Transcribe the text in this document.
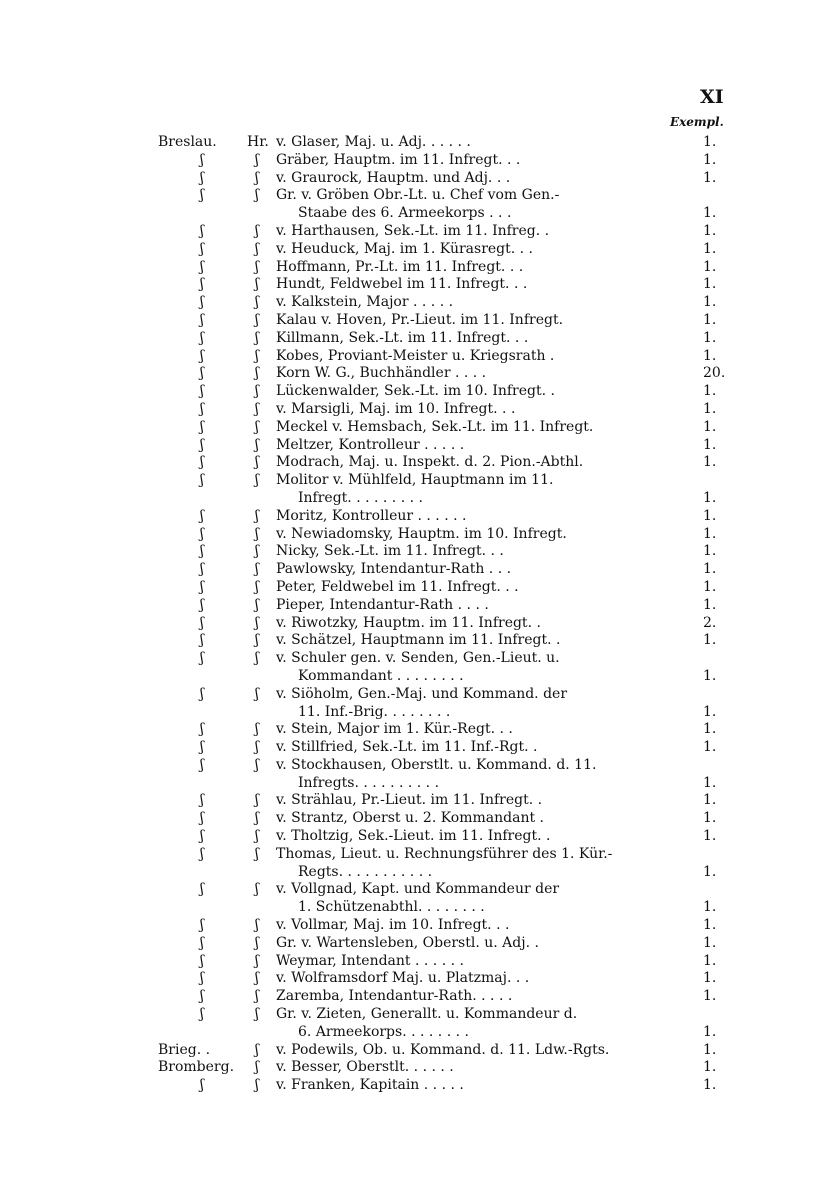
XI
Exempl.
Breslau. Hr. v. Glaser, Maj. u. Adj. . . . . .	1.
ʃ	ʃ Gräber, Hauptm. im 11. Infregt. . .	1.
ʃ	ʃ v. Graurock, Hauptm. und Adj. . .	1.
ʃ	ʃ Gr. v. Gröben Obr.-Lt. u. Chef vom Gen.-
Staabe des 6. Armeekorps . . .	1.
ʃ	ʃ v. Harthausen, Sek.-Lt. im 11. Infreg. .	1.
ʃ	ʃ v. Heuduck, Maj. im 1. Kürasregt. . .	1.
ʃ	ʃ Hoffmann, Pr.-Lt. im 11. Infregt. . .	1.
ʃ	ʃ Hundt, Feldwebel im 11. Infregt. . .	1.
ʃ	ʃ v. Kalkstein, Major . . . . .	1.
ʃ	ʃ Kalau v. Hoven, Pr.-Lieut. im 11. Infregt.	1.
ʃ	ʃ Killmann, Sek.-Lt. im 11. Infregt. . .	1.
ʃ	ʃ Kobes, Proviant-Meister u. Kriegsrath .	1.
ʃ	ʃ Korn W. G., Buchhändler . . . .	20.
ʃ	ʃ Lückenwalder, Sek.-Lt. im 10. Infregt. .	1.
ʃ	ʃ v. Marsigli, Maj. im 10. Infregt. . .	1.
ʃ	ʃ Meckel v. Hemsbach, Sek.-Lt. im 11. Infregt.	1.
ʃ	ʃ Meltzer, Kontrolleur . . . . .	1.
ʃ	ʃ Modrach, Maj. u. Inspekt. d. 2. Pion.-Abthl.	1.
ʃ	ʃ Molitor v. Mühlfeld, Hauptmann im 11.
Infregt. . . . . . . . .	1.
ʃ	ʃ Moritz, Kontrolleur . . . . . .	1.
ʃ	ʃ v. Newiadomsky, Hauptm. im 10. Infregt.	1.
ʃ	ʃ Nicky, Sek.-Lt. im 11. Infregt. . .	1.
ʃ	ʃ Pawlowsky, Intendantur-Rath . . .	1.
ʃ	ʃ Peter, Feldwebel im 11. Infregt. . .	1.
ʃ	ʃ Pieper, Intendantur-Rath . . . .	1.
ʃ	ʃ v. Riwotzky, Hauptm. im 11. Infregt. .	2.
ʃ	ʃ v. Schätzel, Hauptmann im 11. Infregt. .	1.
ʃ	ʃ v. Schuler gen. v. Senden, Gen.-Lieut. u.
Kommandant . . . . . . . .	1.
ʃ	ʃ v. Siöholm, Gen.-Maj. und Kommand. der
11. Inf.-Brig. . . . . . . .	1.
ʃ	ʃ v. Stein, Major im 1. Kür.-Regt. . .	1.
ʃ	ʃ v. Stillfried, Sek.-Lt. im 11. Inf.-Rgt. .	1.
ʃ	ʃ v. Stockhausen, Oberstlt. u. Kommand. d. 11.
Infregts. . . . . . . . . .	1.
ʃ	ʃ v. Strählau, Pr.-Lieut. im 11. Infregt. .	1.
ʃ	ʃ v. Strantz, Oberst u. 2. Kommandant .	1.
ʃ	ʃ v. Tholtzig, Sek.-Lieut. im 11. Infregt. .	1.
ʃ	ʃ Thomas, Lieut. u. Rechnungsführer des 1. Kür.-
Regts. . . . . . . . . . .	1.
ʃ	ʃ v. Vollgnad, Kapt. und Kommandeur der
1. Schützenabthl. . . . . . . .	1.
ʃ	ʃ v. Vollmar, Maj. im 10. Infregt. . .	1.
ʃ	ʃ Gr. v. Wartensleben, Oberstl. u. Adj. .	1.
ʃ	ʃ Weymar, Intendant . . . . . .	1.
ʃ	ʃ v. Wolframsdorf Maj. u. Platzmaj. . .	1.
ʃ	ʃ Zaremba, Intendantur-Rath. . . . .	1.
ʃ	ʃ Gr. v. Zieten, Generallt. u. Kommandeur d.
6. Armeekorps. . . . . . . .	1.
Brieg. .	ʃ v. Podewils, Ob. u. Kommand. d. 11. Ldw.-Rgts.	1.
Bromberg. ʃ v. Besser, Oberstlt. . . . . .	1.
ʃ	ʃ v. Franken, Kapitain . . . . .	1.
